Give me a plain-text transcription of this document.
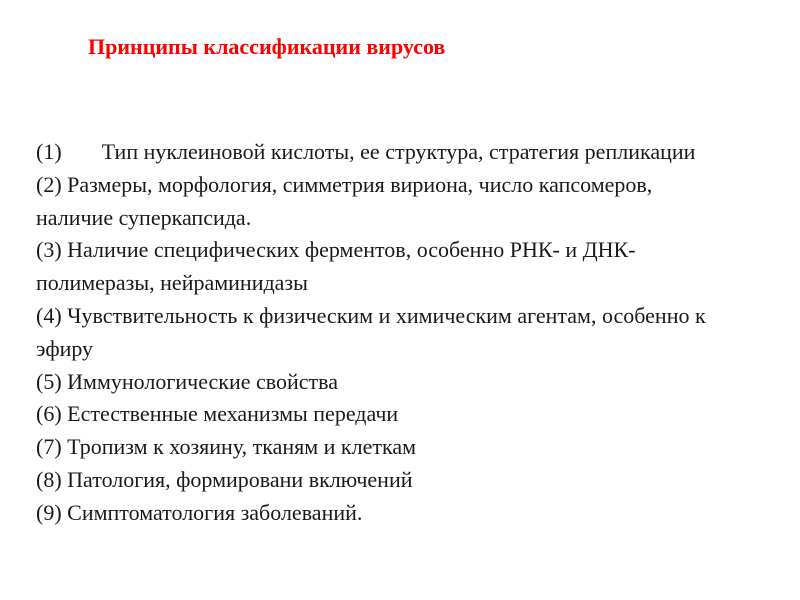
Принципы классификации вирусов

(1) Тип нуклеиновой кислоты, ее структура, стратегия репликации

(2) Размеры, морфология, симметрия вириона, число капсомеров, наличие суперкапсида.

(3) Наличие специфических ферментов, особенно РНК- и ДНК-полимеразы, нейраминидазы

(4) Чувствительность к физическим и химическим агентам, особенно к эфиру

(5) Иммунологические свойства

(6) Естественные механизмы передачи

(7) Тропизм к хозяину, тканям и клеткам

(8) Патология, формировани включений

(9) Симптоматология заболеваний.
